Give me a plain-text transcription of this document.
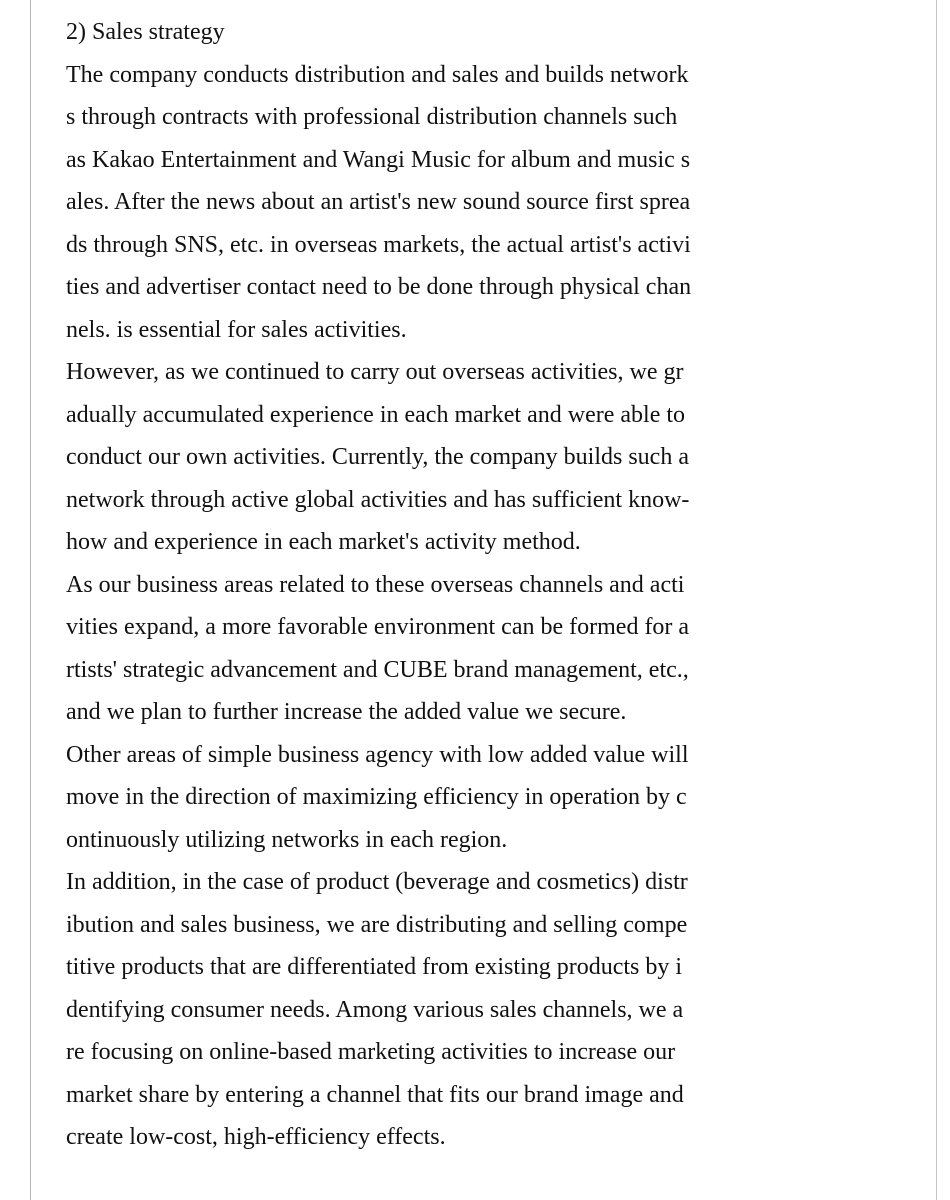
2) Sales strategy
The company conducts distribution and sales and builds network
s through contracts with professional distribution channels such
as Kakao Entertainment and Wangi Music for album and music s
ales. After the news about an artist's new sound source first sprea
ds through SNS, etc. in overseas markets, the actual artist's activi
ties and advertiser contact need to be done through physical chan
nels. is essential for sales activities.
However, as we continued to carry out overseas activities, we gr
adually accumulated experience in each market and were able to
conduct our own activities. Currently, the company builds such a
network through active global activities and has sufficient know-
how and experience in each market's activity method.
As our business areas related to these overseas channels and acti
vities expand, a more favorable environment can be formed for a
rtists' strategic advancement and CUBE brand management, etc.,
and we plan to further increase the added value we secure.
Other areas of simple business agency with low added value will
move in the direction of maximizing efficiency in operation by c
ontinuously utilizing networks in each region.
In addition, in the case of product (beverage and cosmetics) distr
ibution and sales business, we are distributing and selling compe
titive products that are differentiated from existing products by i
dentifying consumer needs. Among various sales channels, we a
re focusing on online-based marketing activities to increase our
market share by entering a channel that fits our brand image and
create low-cost, high-efficiency effects.
